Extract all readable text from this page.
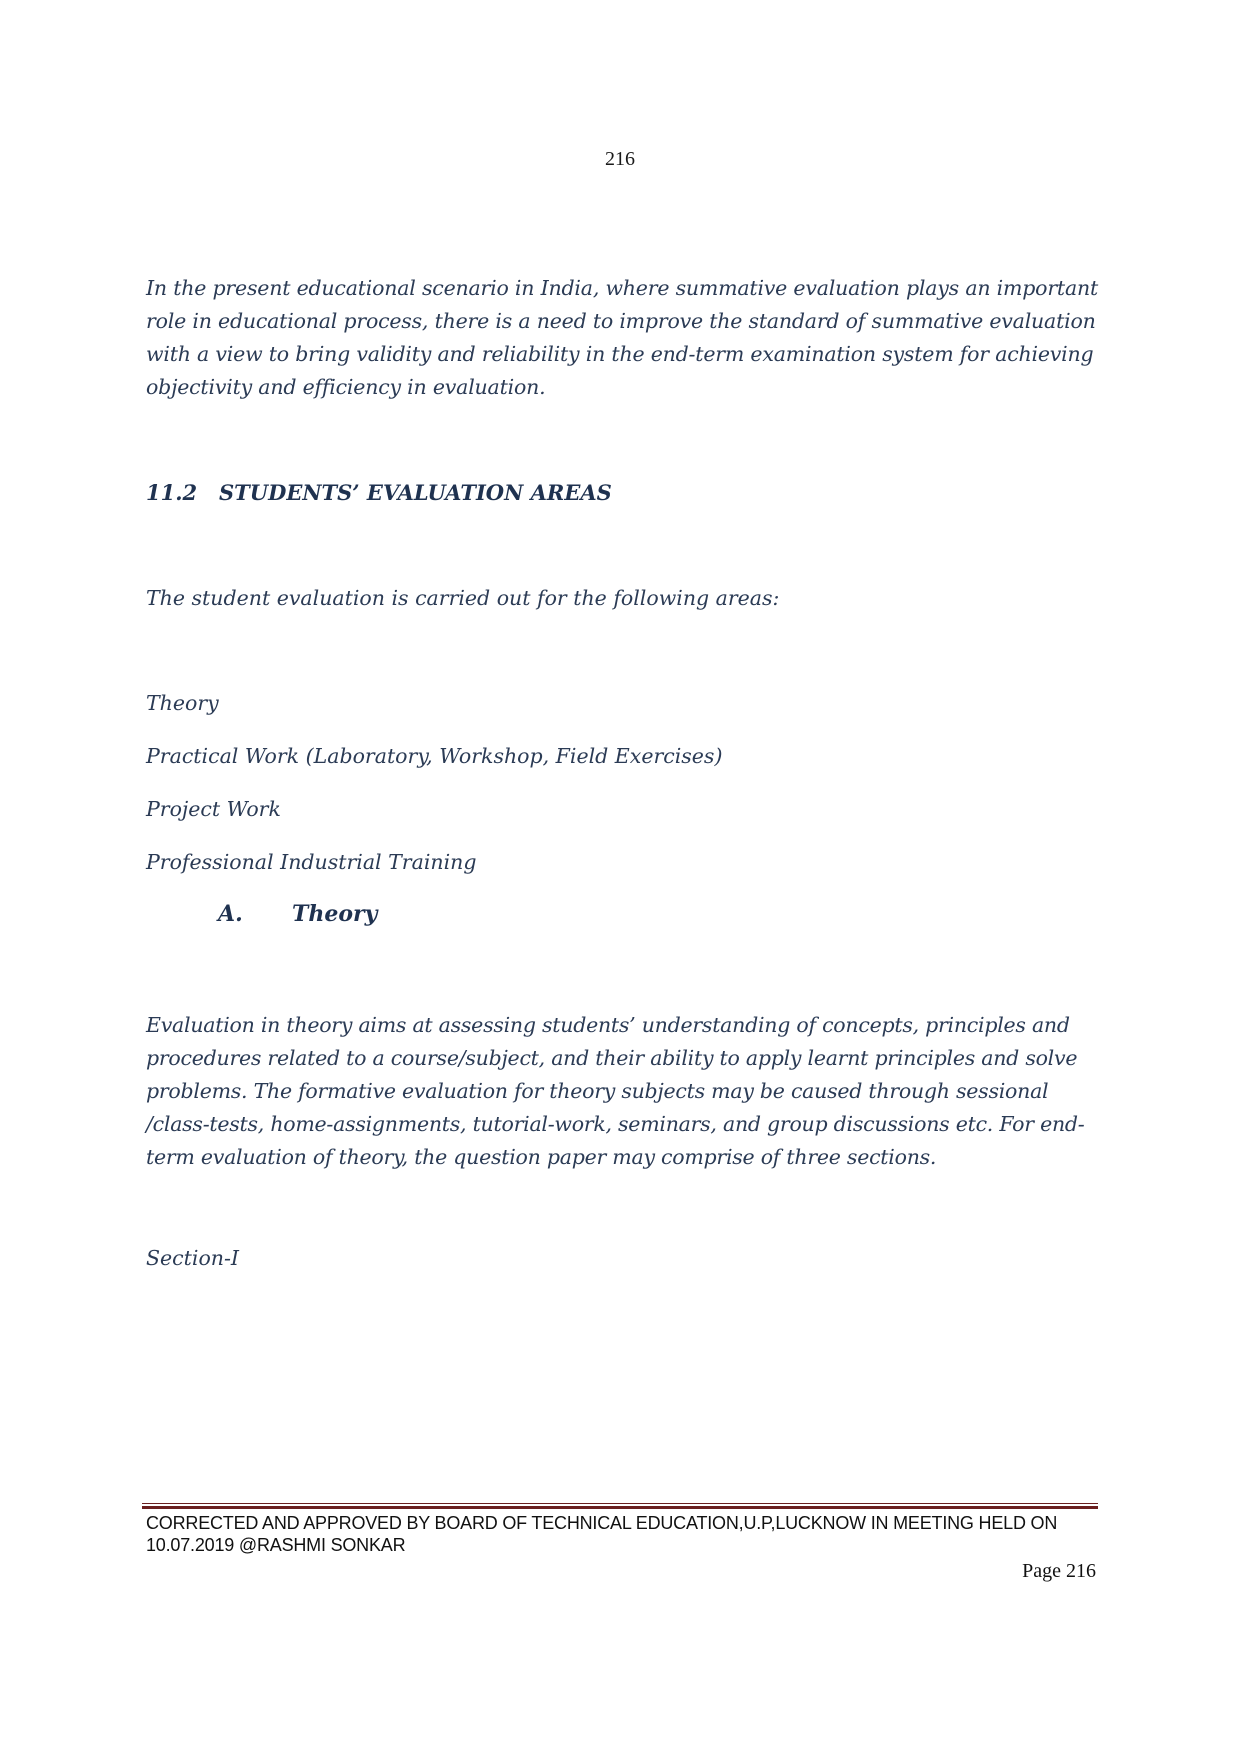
216

In the present educational scenario in India, where summative evaluation plays an important

role in educational process, there is a need to improve the standard of summative evaluation

with a view to bring validity and reliability in the end-term examination system for achieving

objectivity and efficiency in evaluation.

11.2 STUDENTS’ EVALUATION AREAS
The student evaluation is carried out for the following areas:
Theory
Practical Work (Laboratory, Workshop, Field Exercises)
Project Work
Professional Industrial Training
A. Theory

Evaluation in theory aims at assessing students’ understanding of concepts, principles and

procedures related to a course/subject, and their ability to apply learnt principles and solve

problems. The formative evaluation for theory subjects may be caused through sessional

/class-tests, home-assignments, tutorial-work, seminars, and group discussions etc. For end-

term evaluation of theory, the question paper may comprise of three sections.

Section-I
CORRECTED AND APPROVED BY BOARD OF TECHNICAL EDUCATION,U.P,LUCKNOW IN MEETING HELD ON
10.07.2019 @RASHMI SONKAR
Page 216
